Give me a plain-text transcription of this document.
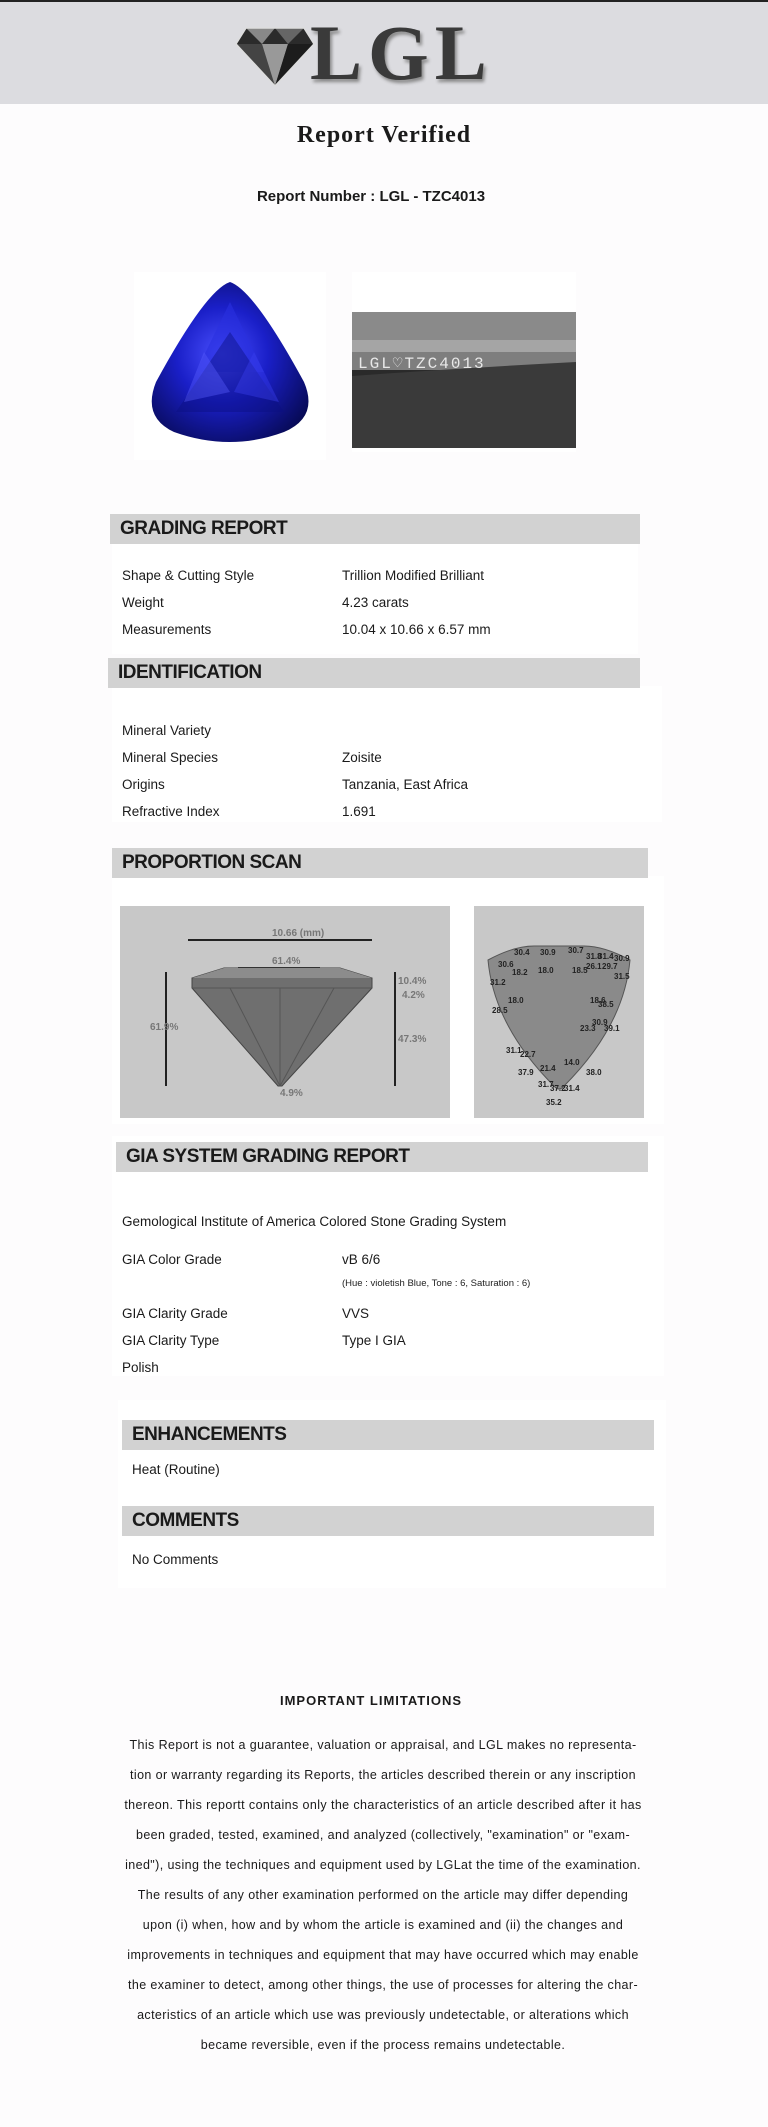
LGL
Report Verified
Report Number : LGL - TZC4013
LGL♡TZC4013
GRADING REPORT
Shape & Cutting Style	Trillion Modified Brilliant
Weight	4.23 carats
Measurements	10.04 x 10.66 x 6.57 mm
IDENTIFICATION
Mineral Variety
Mineral Species	Zoisite
Origins	Tanzania, East Africa
Refractive Index	1.691
PROPORTION SCAN
10.66 (mm)
61.4%
61.9%
10.4%
4.2%
47.3%
4.9%
30.4 30.9 30.7
31.8
31.4 30.9
30.6
18.2 18.0 18.5
26.1 29.7
31.5
31.2
18.0	18.6
38.5
28.5
30.9
23.3 39.1
31.1
22.7
14.0
37.9 21.4	38.0
31.7
37.2
31.4
35.2
GIA SYSTEM GRADING REPORT
Gemological Institute of America Colored Stone Grading System
GIA Color Grade	vB 6/6
(Hue : violetish Blue, Tone : 6, Saturation : 6)
GIA Clarity Grade	VVS
GIA Clarity Type	Type I GIA
Polish
ENHANCEMENTS
Heat (Routine)
COMMENTS
No Comments
IMPORTANT LIMITATIONS
This Report is not a guarantee, valuation or appraisal, and LGL makes no representa-
tion or warranty regarding its Reports, the articles described therein or any inscription
thereon. This reportt contains only the characteristics of an article described after it has
been graded, tested, examined, and analyzed (collectively, "examination" or "exam-
ined"), using the techniques and equipment used by LGLat the time of the examination.
The results of any other examination performed on the article may differ depending
upon (i) when, how and by whom the article is examined and (ii) the changes and
improvements in techniques and equipment that may have occurred which may enable
the examiner to detect, among other things, the use of processes for altering the char-
acteristics of an article which use was previously undetectable, or alterations which
became reversible, even if the process remains undetectable.
